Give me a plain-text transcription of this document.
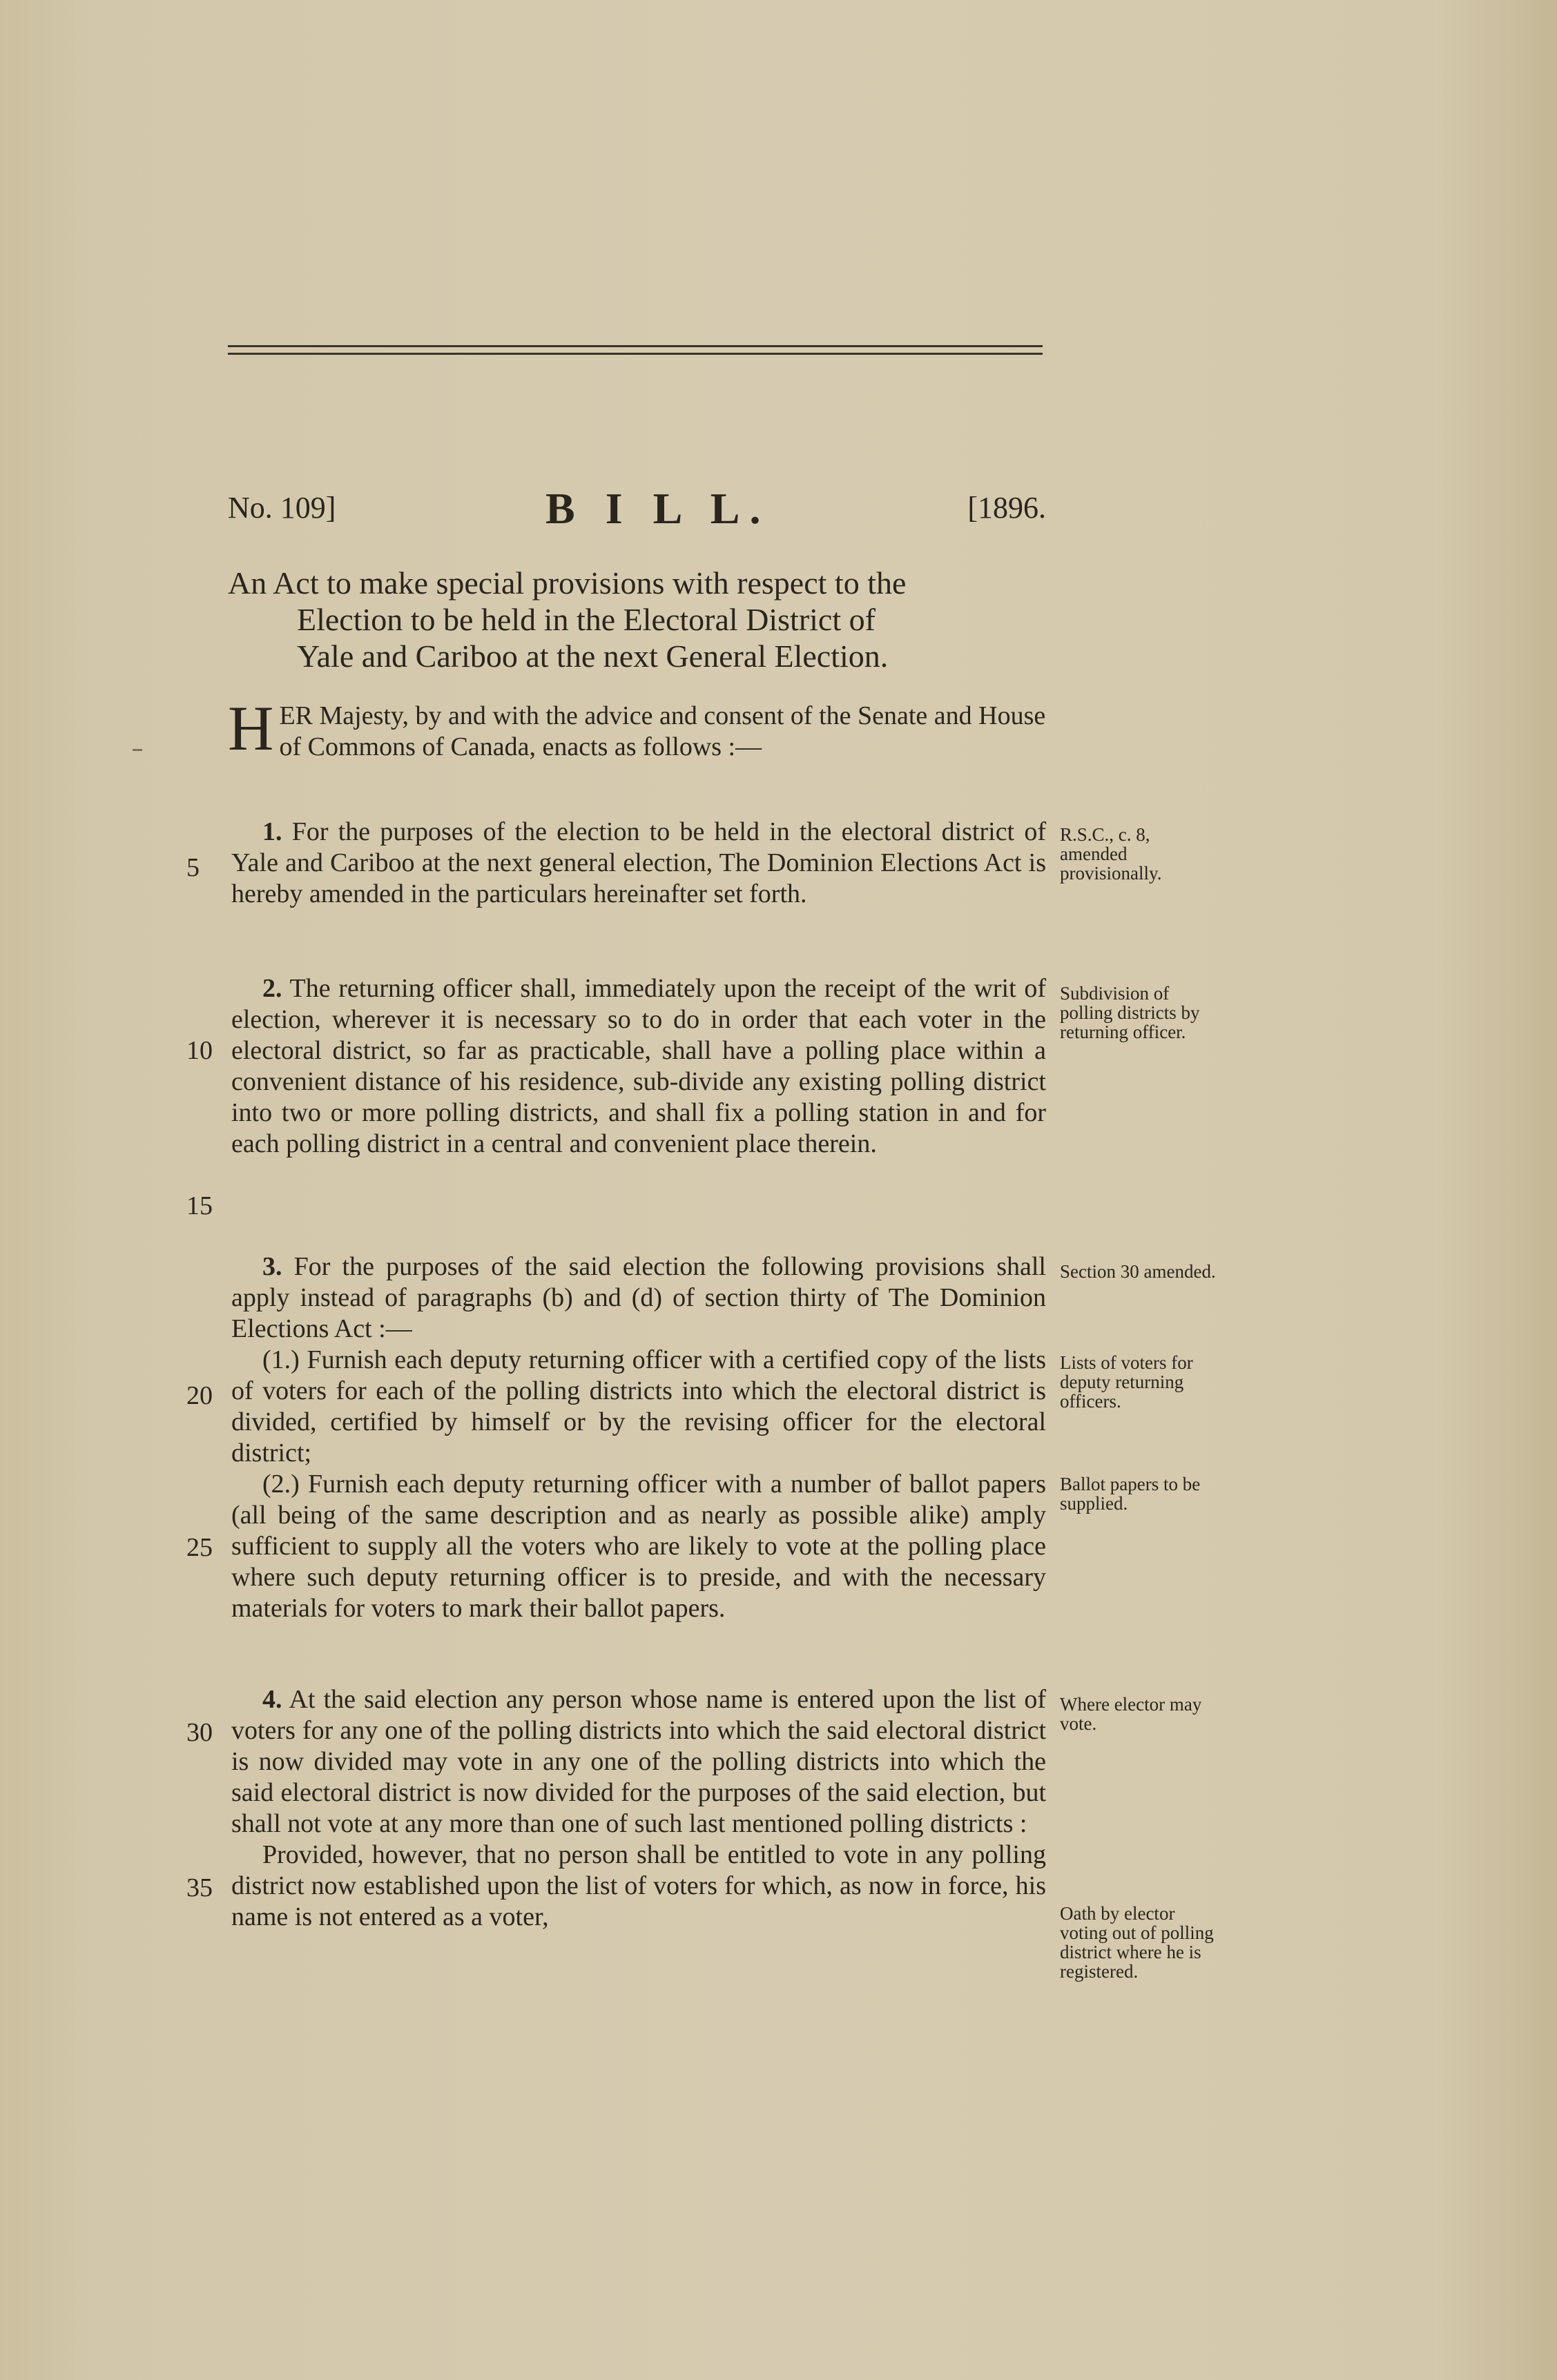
No. 109]	B I L L.	[1896.
An Act to make special provisions with respect to the
Election to be held in the Electoral District of
Yale and Cariboo at the next General Election.
H ER Majesty, by and with the advice and consent of the Senate and House of Commons of Canada, enacts as follows :—

1. For the purposes of the election to be held in the electoral district of Yale and Cariboo at the next general election, The Dominion Elections Act is hereby amended in the particulars hereinafter set forth.

R.S.C., c. 8, amended provisionally.

2. The returning officer shall, immediately upon the receipt of the writ of election, wherever it is necessary so to do in order that each voter in the electoral district, so far as practicable, shall have a polling place within a convenient distance of his residence, sub-divide any existing polling district into two or more polling districts, and shall fix a polling station in and for each polling district in a central and convenient place therein.

Subdivision of polling districts by returning officer.

3. For the purposes of the said election the following provisions shall apply instead of paragraphs (b) and (d) of section thirty of The Dominion Elections Act :—

(1.) Furnish each deputy returning officer with a certified copy of the lists of voters for each of the polling districts into which the electoral district is divided, certified by himself or by the revising officer for the electoral district;

(2.) Furnish each deputy returning officer with a number of ballot papers (all being of the same description and as nearly as possible alike) amply sufficient to supply all the voters who are likely to vote at the polling place where such deputy returning officer is to preside, and with the necessary materials for voters to mark their ballot papers.

Section 30 amended.
Lists of voters for deputy returning officers.
Ballot papers to be supplied.

4. At the said election any person whose name is entered upon the list of voters for any one of the polling districts into which the said electoral district is now divided may vote in any one of the polling districts into which the said electoral district is now divided for the purposes of the said election, but shall not vote at any more than one of such last mentioned polling districts :

Provided, however, that no person shall be entitled to vote in any polling district now established upon the list of voters for which, as now in force, his name is not entered as a voter,

Where elector may vote.
Oath by elector voting out of polling district where he is registered.
5
10
15
20
25
30
35
